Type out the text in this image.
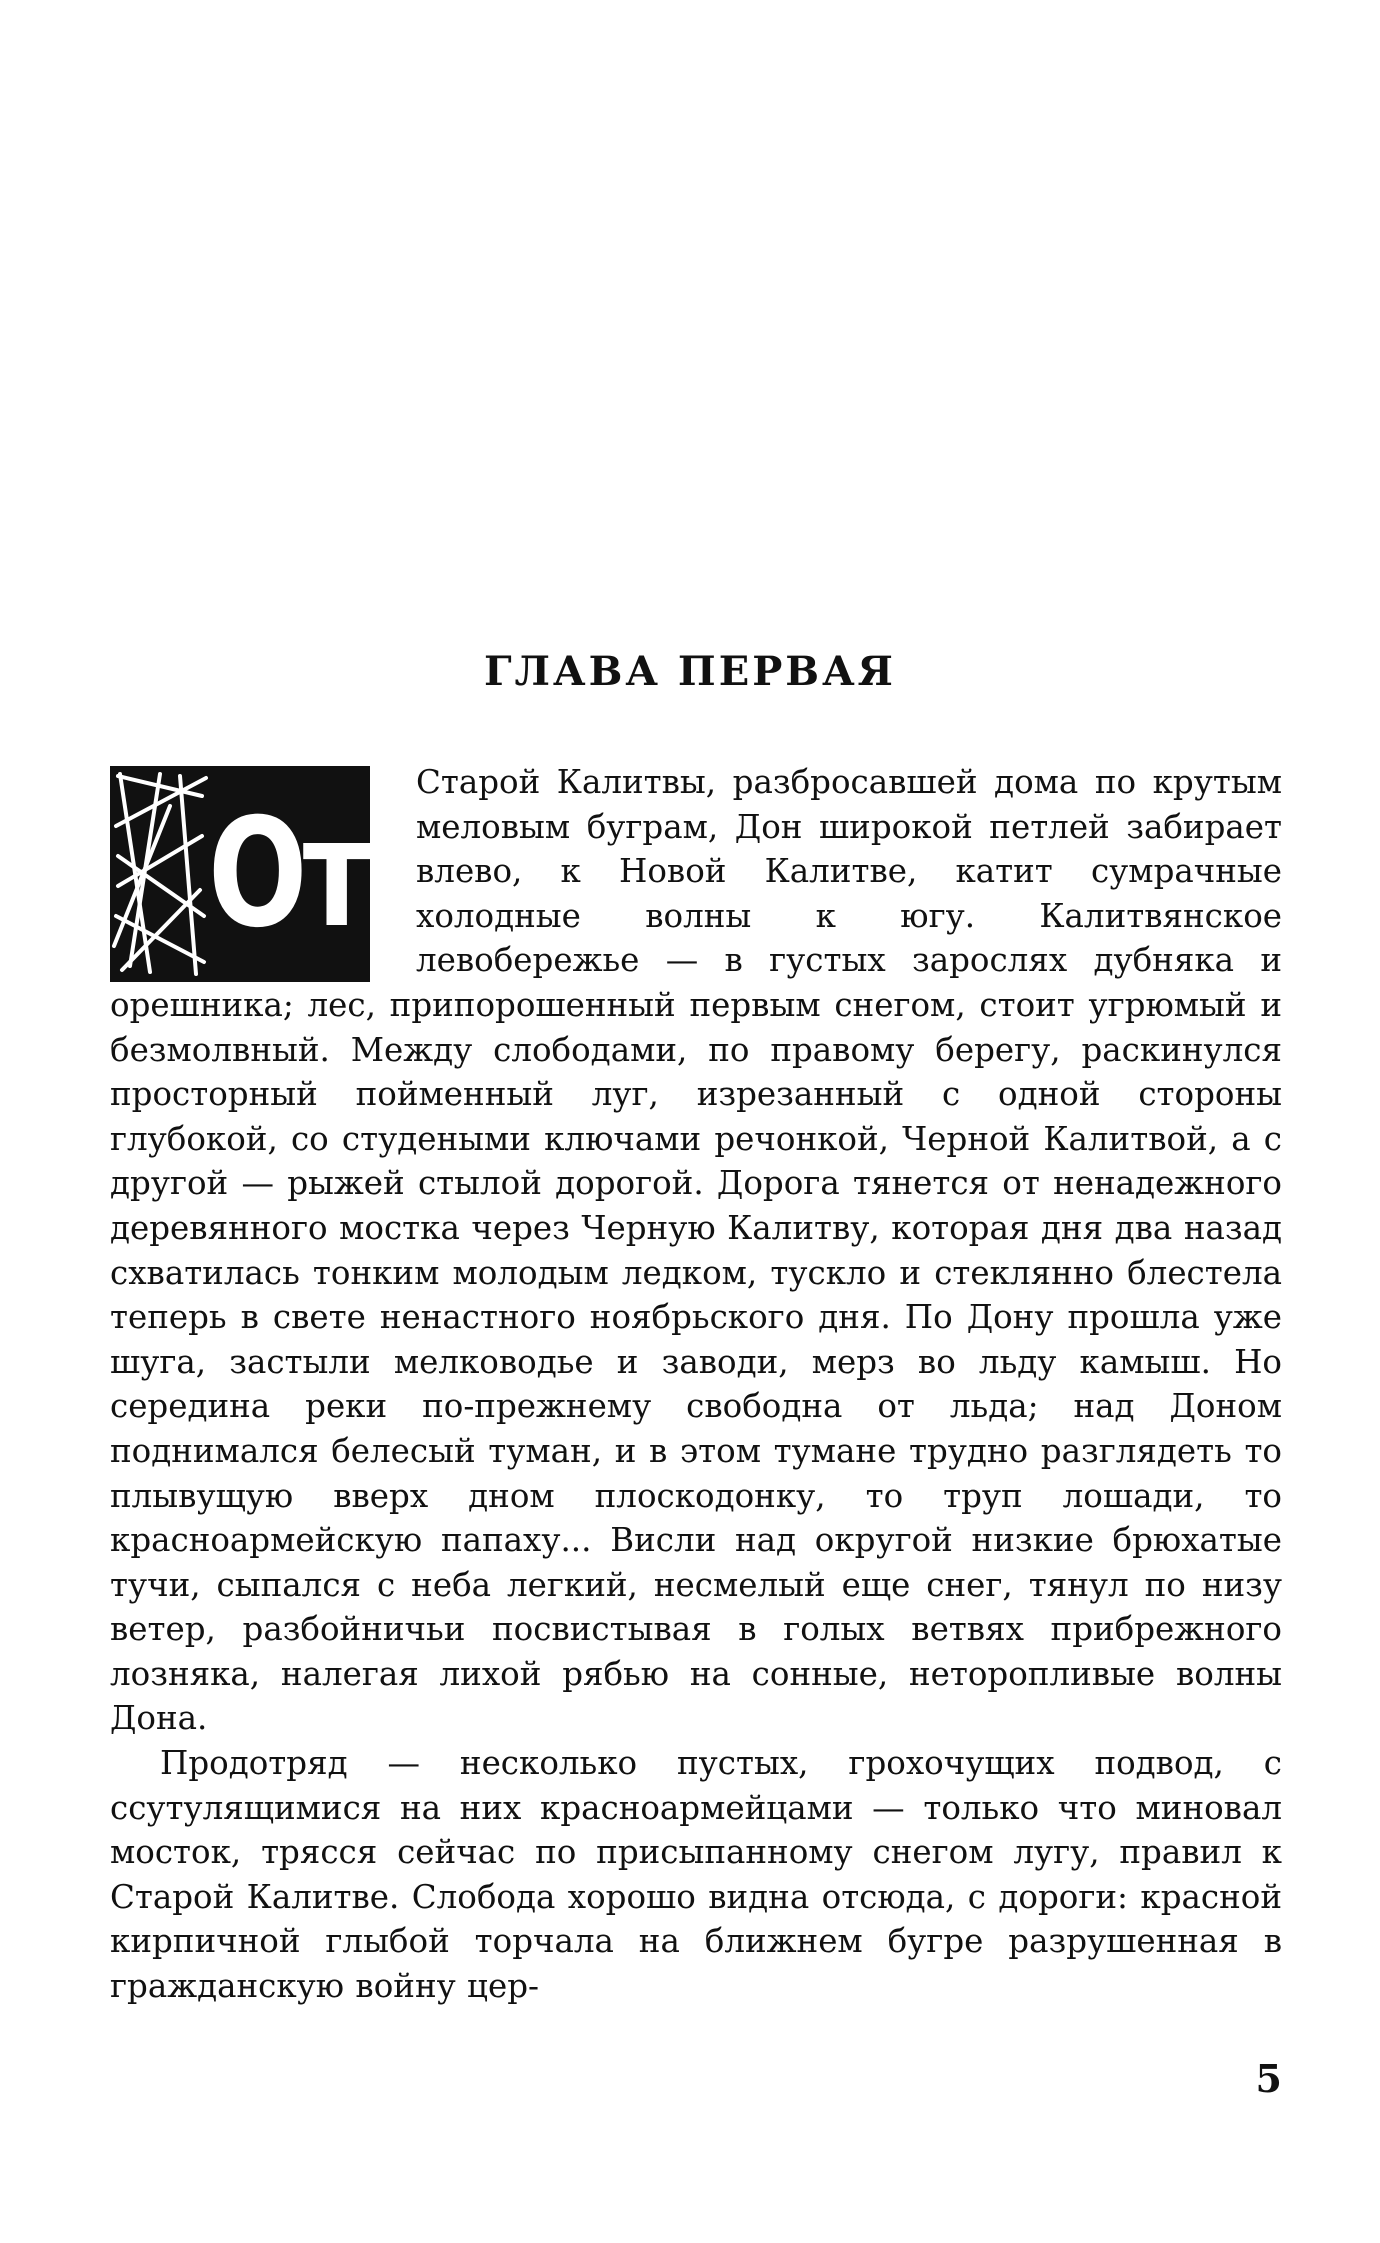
ГЛАВА ПЕРВАЯ
От

Старой Калитвы, разбросавшей дома по крутым меловым буграм, Дон широкой петлей забирает влево, к Новой Калитве, катит сумрачные холодные волны к югу. Калитвянское левобережье — в густых зарослях дубняка и орешника; лес, припорошенный первым снегом, стоит угрюмый и безмолвный. Между слободами, по правому берегу, раскинулся просторный пойменный луг, изрезанный с одной стороны глубокой, со студеными ключами речонкой, Черной Калитвой, а с другой — рыжей стылой дорогой. Дорога тянется от ненадежного деревянного мостка через Черную Калитву, которая дня два назад схватилась тонким молодым ледком, тускло и стеклянно блестела теперь в свете ненастного ноябрьского дня. По Дону прошла уже шуга, застыли мелководье и заводи, мерз во льду камыш. Но середина реки по-прежнему свободна от льда; над Доном поднимался белесый туман, и в этом тумане трудно разглядеть то плывущую вверх дном плоскодонку, то труп лошади, то красноармейскую папаху... Висли над округой низкие брюхатые тучи, сыпался с неба легкий, несмелый еще снег, тянул по низу ветер, разбойничьи посвистывая в голых ветвях прибрежного лозняка, налегая лихой рябью на сонные, неторопливые волны Дона.

Продотряд — несколько пустых, грохочущих подвод, с ссутулящимися на них красноармейцами — только что миновал мосток, трясся сейчас по присыпанному снегом лугу, правил к Старой Калитве. Слобода хорошо видна отсюда, с дороги: красной кирпичной глыбой торчала на ближнем бугре разрушенная в гражданскую войну цер-

5
